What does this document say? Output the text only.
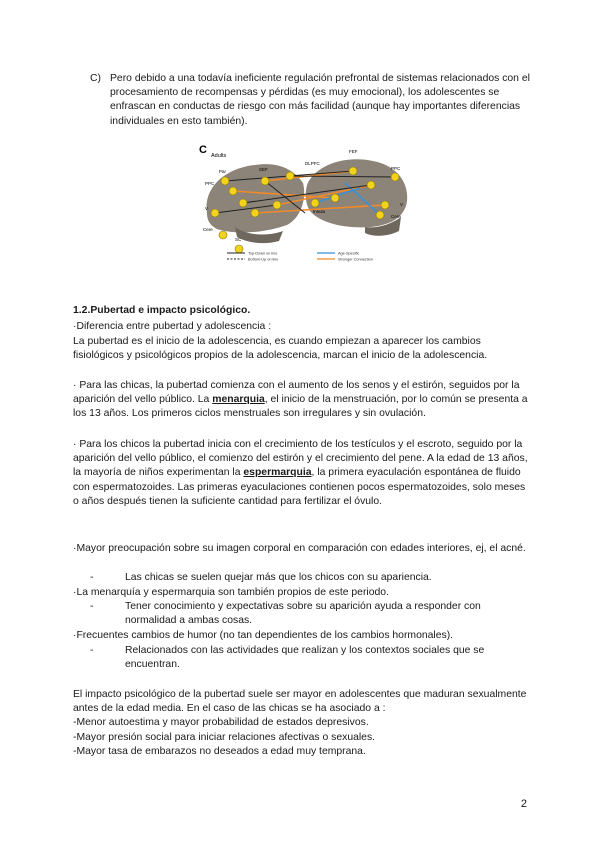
C) Pero debido a una todavía ineficiente regulación prefrontal de sistemas relacionados con el procesamiento de recompensas y pérdidas (es muy emocional), los adolescentes se enfrascan en conductas de riesgo con más facilidad (aunque hay importantes diferencias individuales en esto también).
C Adults
FEF
SEF
DLPFC
Par
PPC
PPC
V
V
Cere
Cere
SC
Insula
Top-Down on line
Bottom-Up on line
Age-Specific
Stronger Connection
1.2.Pubertad e impacto psicológico.
·Diferencia entre pubertad y adolescencia :
La pubertad es el inicio de la adolescencia, es cuando empiezan a aparecer los cambios fisiológicos y psicológicos propios de la adolescencia, marcan el inicio de la adolescencia.
· Para las chicas, la pubertad comienza con el aumento de los senos y el estirón, seguidos por la aparición del vello público. La menarquia, el inicio de la menstruación, por lo común se presenta a los 13 años. Los primeros ciclos menstruales son irregulares y sin ovulación.
· Para los chicos la pubertad inicia con el crecimiento de los testículos y el escroto, seguido por la aparición del vello público, el comienzo del estirón y el crecimiento del pene. A la edad de 13 años, la mayoría de niños experimentan la espermarquia, la primera eyaculación espontánea de fluido con espermatozoides. Las primeras eyaculaciones contienen pocos espermatozoides, solo meses o años después tienen la suficiente cantidad para fertilizar el óvulo.
·Mayor preocupación sobre su imagen corporal en comparación con edades interiores, ej, el acné.
-	Las chicas se suelen quejar más que los chicos con su apariencia.
·La menarquía y espermarquia son también propios de este periodo.
-	Tener conocimiento y expectativas sobre su aparición ayuda a responder con normalidad a ambas cosas.
·Frecuentes cambios de humor (no tan dependientes de los cambios hormonales).
-	Relacionados con las actividades que realizan y los contextos sociales que se encuentran.
El impacto psicológico de la pubertad suele ser mayor en adolescentes que maduran sexualmente antes de la edad media. En el caso de las chicas se ha asociado a :
-Menor autoestima y mayor probabilidad de estados depresivos.
-Mayor presión social para iniciar relaciones afectivas o sexuales.
-Mayor tasa de embarazos no deseados a edad muy temprana.
2
